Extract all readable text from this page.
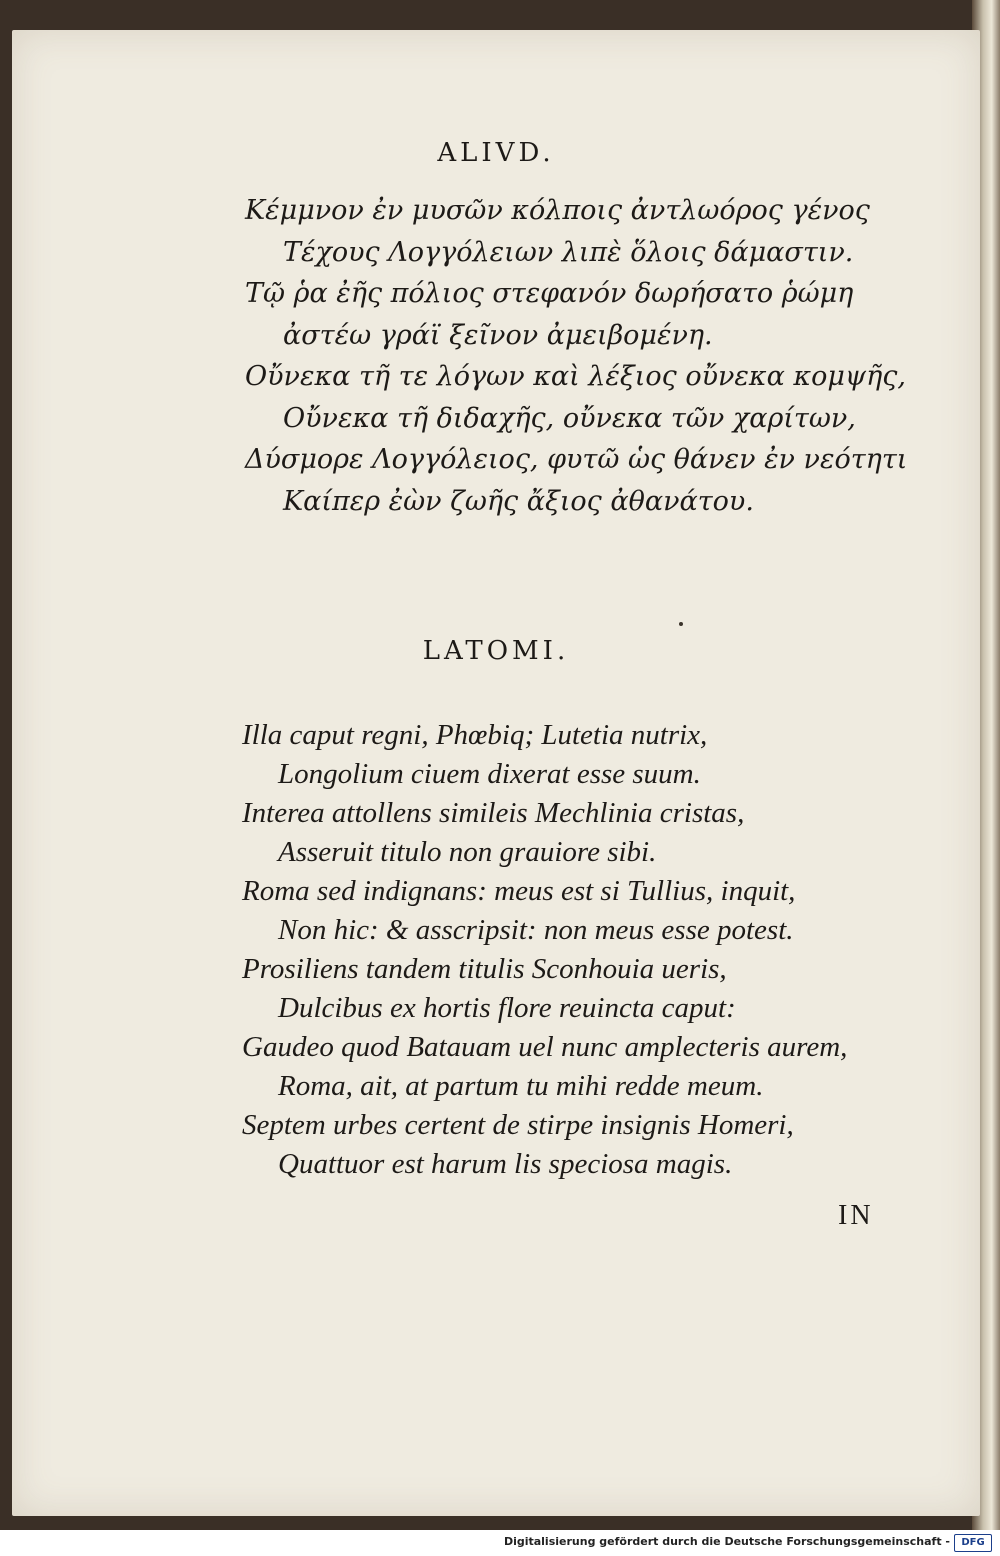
ALIVD.
Κέμμνον ἐν μυσῶν κόλποις ἀντλωόρος γένος
Τέχους Λογγόλειων λιπὲ ὅλοις δάμαστιν.
Τῷ ῥα ἐῆς πόλιος στεφανόν δωρήσατο ῥώμη
ἀστέω γράϊ ξεῖνον ἀμειβομένη.
Οὔνεκα τῆ τε λόγων καὶ λέξιος οὔνεκα κομψῆς,
Οὔνεκα τῆ διδαχῆς, οὔνεκα τῶν χαρίτων,
Δύσμορε Λογγόλειος, φυτῶ ὡς θάνεν ἐν νεότητι
Καίπερ ἐὼν ζωῆς ἄξιος ἀθανάτου.
LATOMI.
Illa caput regni, Phœbiq; Lutetia nutrix,
Longolium ciuem dixerat esse suum.
Interea attollens simileis Mechlinia cristas,
Asseruit titulo non grauiore sibi.
Roma sed indignans: meus est si Tullius, inquit,
Non hic: & asscripsit: non meus esse potest.
Prosiliens tandem titulis Sconhouia ueris,
Dulcibus ex hortis flore reuincta caput:
Gaudeo quod Batauam uel nunc amplecteris aurem,
Roma, ait, at partum tu mihi redde meum.
Septem urbes certent de stirpe insignis Homeri,
Quattuor est harum lis speciosa magis.
IN
Digitalisierung gefördert durch die Deutsche Forschungsgemeinschaft -	DFG
